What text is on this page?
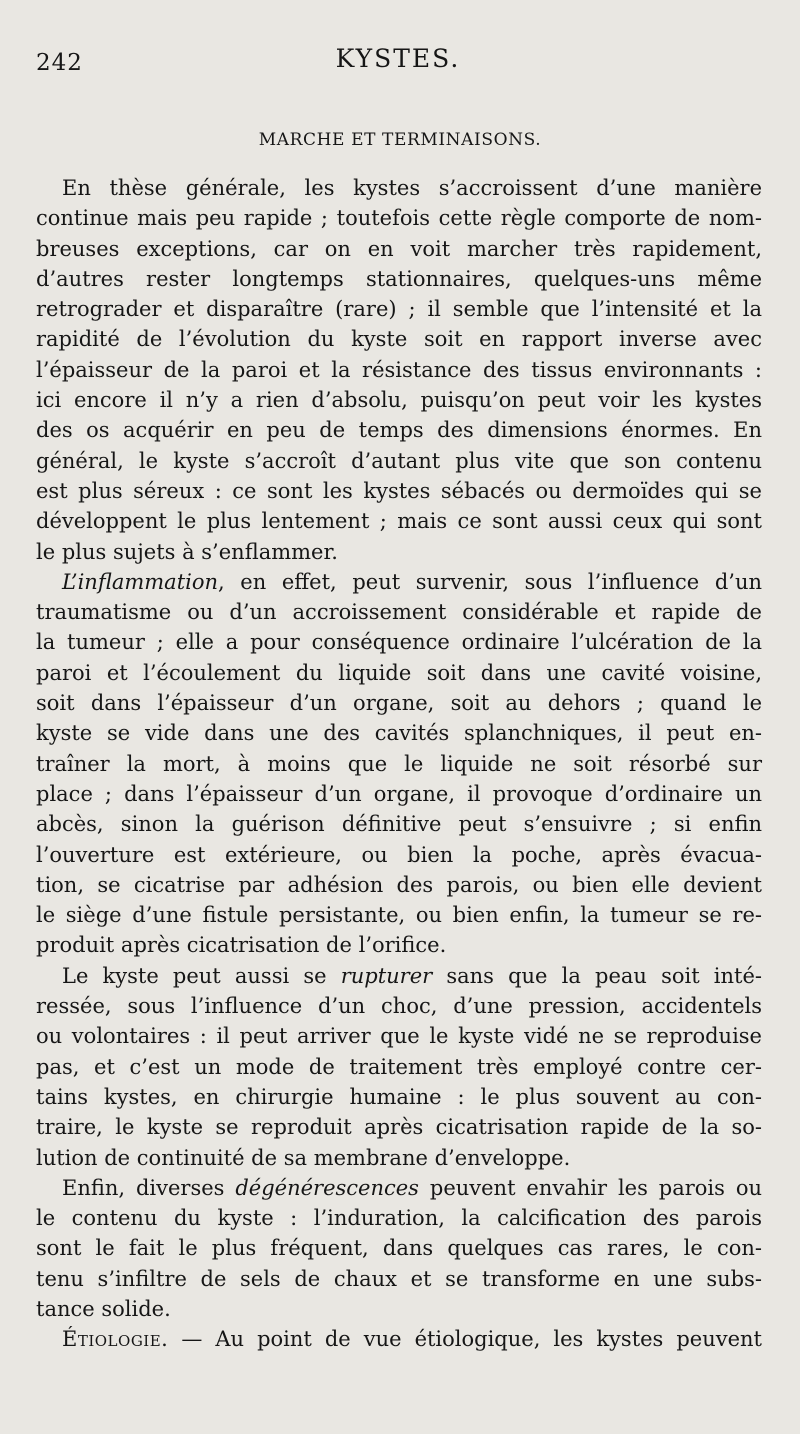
242	KYSTES.
MARCHE ET TERMINAISONS.

En thèse générale, les kystes s’accroissent d’une manière
continue mais peu rapide ; toutefois cette règle comporte de nom-
breuses exceptions, car on en voit marcher très rapidement,
d’autres rester longtemps stationnaires, quelques-uns même
retrograder et disparaître (rare) ; il semble que l’intensité et la
rapidité de l’évolution du kyste soit en rapport inverse avec
l’épaisseur de la paroi et la résistance des tissus environnants :
ici encore il n’y a rien d’absolu, puisqu’on peut voir les kystes
des os acquérir en peu de temps des dimensions énormes. En
général, le kyste s’accroît d’autant plus vite que son contenu
est plus séreux : ce sont les kystes sébacés ou dermoïdes qui se
développent le plus lentement ; mais ce sont aussi ceux qui sont
le plus sujets à s’enflammer.

L’inflammation, en effet, peut survenir, sous l’influence d’un
traumatisme ou d’un accroissement considérable et rapide de
la tumeur ; elle a pour conséquence ordinaire l’ulcération de la
paroi et l’écoulement du liquide soit dans une cavité voisine,
soit dans l’épaisseur d’un organe, soit au dehors ; quand le
kyste se vide dans une des cavités splanchniques, il peut en-
traîner la mort, à moins que le liquide ne soit résorbé sur
place ; dans l’épaisseur d’un organe, il provoque d’ordinaire un
abcès, sinon la guérison définitive peut s’ensuivre ; si enfin
l’ouverture est extérieure, ou bien la poche, après évacua-
tion, se cicatrise par adhésion des parois, ou bien elle devient
le siège d’une fistule persistante, ou bien enfin, la tumeur se re-
produit après cicatrisation de l’orifice.

Le kyste peut aussi se rupturer sans que la peau soit inté-
ressée, sous l’influence d’un choc, d’une pression, accidentels
ou volontaires : il peut arriver que le kyste vidé ne se reproduise
pas, et c’est un mode de traitement très employé contre cer-
tains kystes, en chirurgie humaine : le plus souvent au con-
traire, le kyste se reproduit après cicatrisation rapide de la so-
lution de continuité de sa membrane d’enveloppe.

Enfin, diverses dégénérescences peuvent envahir les parois ou
le contenu du kyste : l’induration, la calcification des parois
sont le fait le plus fréquent, dans quelques cas rares, le con-
tenu s’infiltre de sels de chaux et se transforme en une subs-
tance solide.

Étiologie. — Au point de vue étiologique, les kystes peuvent
